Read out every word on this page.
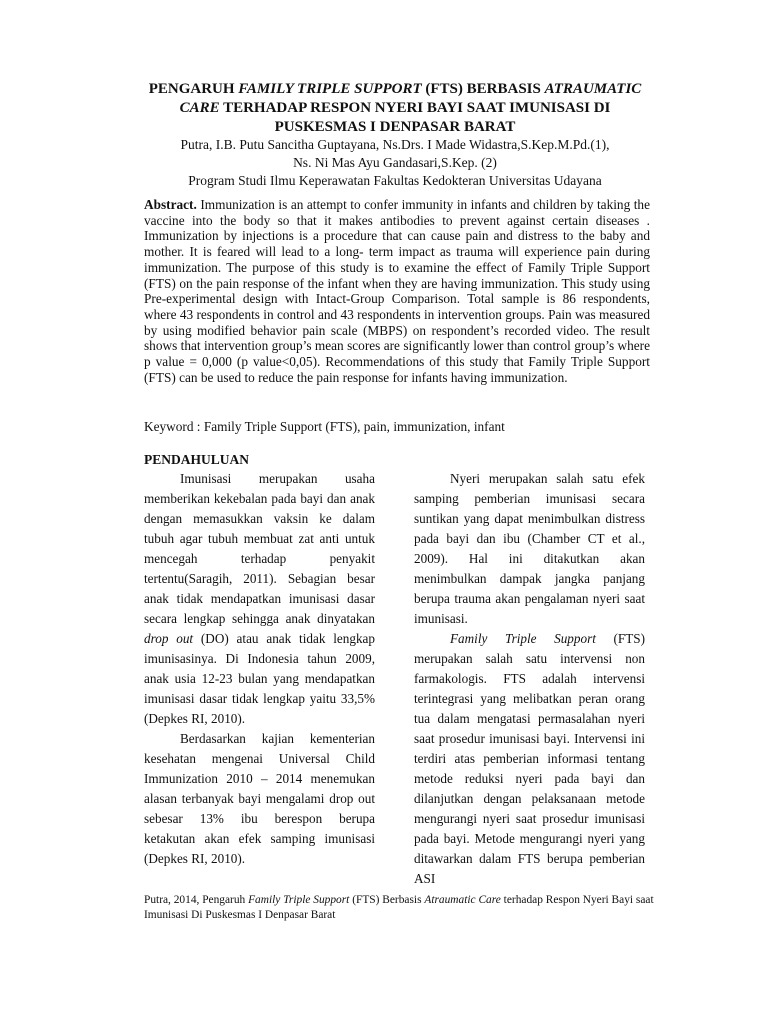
PENGARUH FAMILY TRIPLE SUPPORT (FTS) BERBASIS ATRAUMATIC CARE TERHADAP RESPON NYERI BAYI SAAT IMUNISASI DI PUSKESMAS I DENPASAR BARAT
Putra, I.B. Putu Sancitha Guptayana, Ns.Drs. I Made Widastra,S.Kep.M.Pd.(1),
Ns. Ni Mas Ayu Gandasari,S.Kep. (2)
Program Studi Ilmu Keperawatan Fakultas Kedokteran Universitas Udayana
Abstract. Immunization is an attempt to confer immunity in infants and children by taking the vaccine into the body so that it makes antibodies to prevent against certain diseases . Immunization by injections is a procedure that can cause pain and distress to the baby and mother. It is feared will lead to a long- term impact as trauma will experience pain during immunization. The purpose of this study is to examine the effect of Family Triple Support (FTS) on the pain response of the infant when they are having immunization. This study using Pre-experimental design with Intact-Group Comparison. Total sample is 86 respondents, where 43 respondents in control and 43 respondents in intervention groups. Pain was measured by using modified behavior pain scale (MBPS) on respondent’s recorded video. The result shows that intervention group’s mean scores are significantly lower than control group’s where p value = 0,000 (p value<0,05). Recommendations of this study that Family Triple Support (FTS) can be used to reduce the pain response for infants having immunization.
Keyword : Family Triple Support (FTS), pain, immunization, infant
PENDAHULUAN

Imunisasi merupakan usaha memberikan kekebalan pada bayi dan anak dengan memasukkan vaksin ke dalam tubuh agar tubuh membuat zat anti untuk mencegah terhadap penyakit tertentu(Saragih, 2011). Sebagian besar anak tidak mendapatkan imunisasi dasar secara lengkap sehingga anak dinyatakan drop out (DO) atau anak tidak lengkap imunisasinya. Di Indonesia tahun 2009, anak usia 12-23 bulan yang mendapatkan imunisasi dasar tidak lengkap yaitu 33,5% (Depkes RI, 2010).

Berdasarkan kajian kementerian kesehatan mengenai Universal Child Immunization 2010 – 2014 menemukan alasan terbanyak bayi mengalami drop out sebesar 13% ibu berespon berupa ketakutan akan efek samping imunisasi (Depkes RI, 2010).

Nyeri merupakan salah satu efek samping pemberian imunisasi secara suntikan yang dapat menimbulkan distress pada bayi dan ibu (Chamber CT et al., 2009). Hal ini ditakutkan akan menimbulkan dampak jangka panjang berupa trauma akan pengalaman nyeri saat imunisasi.

Family Triple Support (FTS) merupakan salah satu intervensi non farmakologis. FTS adalah intervensi terintegrasi yang melibatkan peran orang tua dalam mengatasi permasalahan nyeri saat prosedur imunisasi bayi. Intervensi ini terdiri atas pemberian informasi tentang metode reduksi nyeri pada bayi dan dilanjutkan dengan pelaksanaan metode mengurangi nyeri saat prosedur imunisasi pada bayi. Metode mengurangi nyeri yang ditawarkan dalam FTS berupa pemberian ASI

Putra, 2014, Pengaruh Family Triple Support (FTS) Berbasis Atraumatic Care terhadap Respon Nyeri Bayi saat Imunisasi Di Puskesmas I Denpasar Barat
